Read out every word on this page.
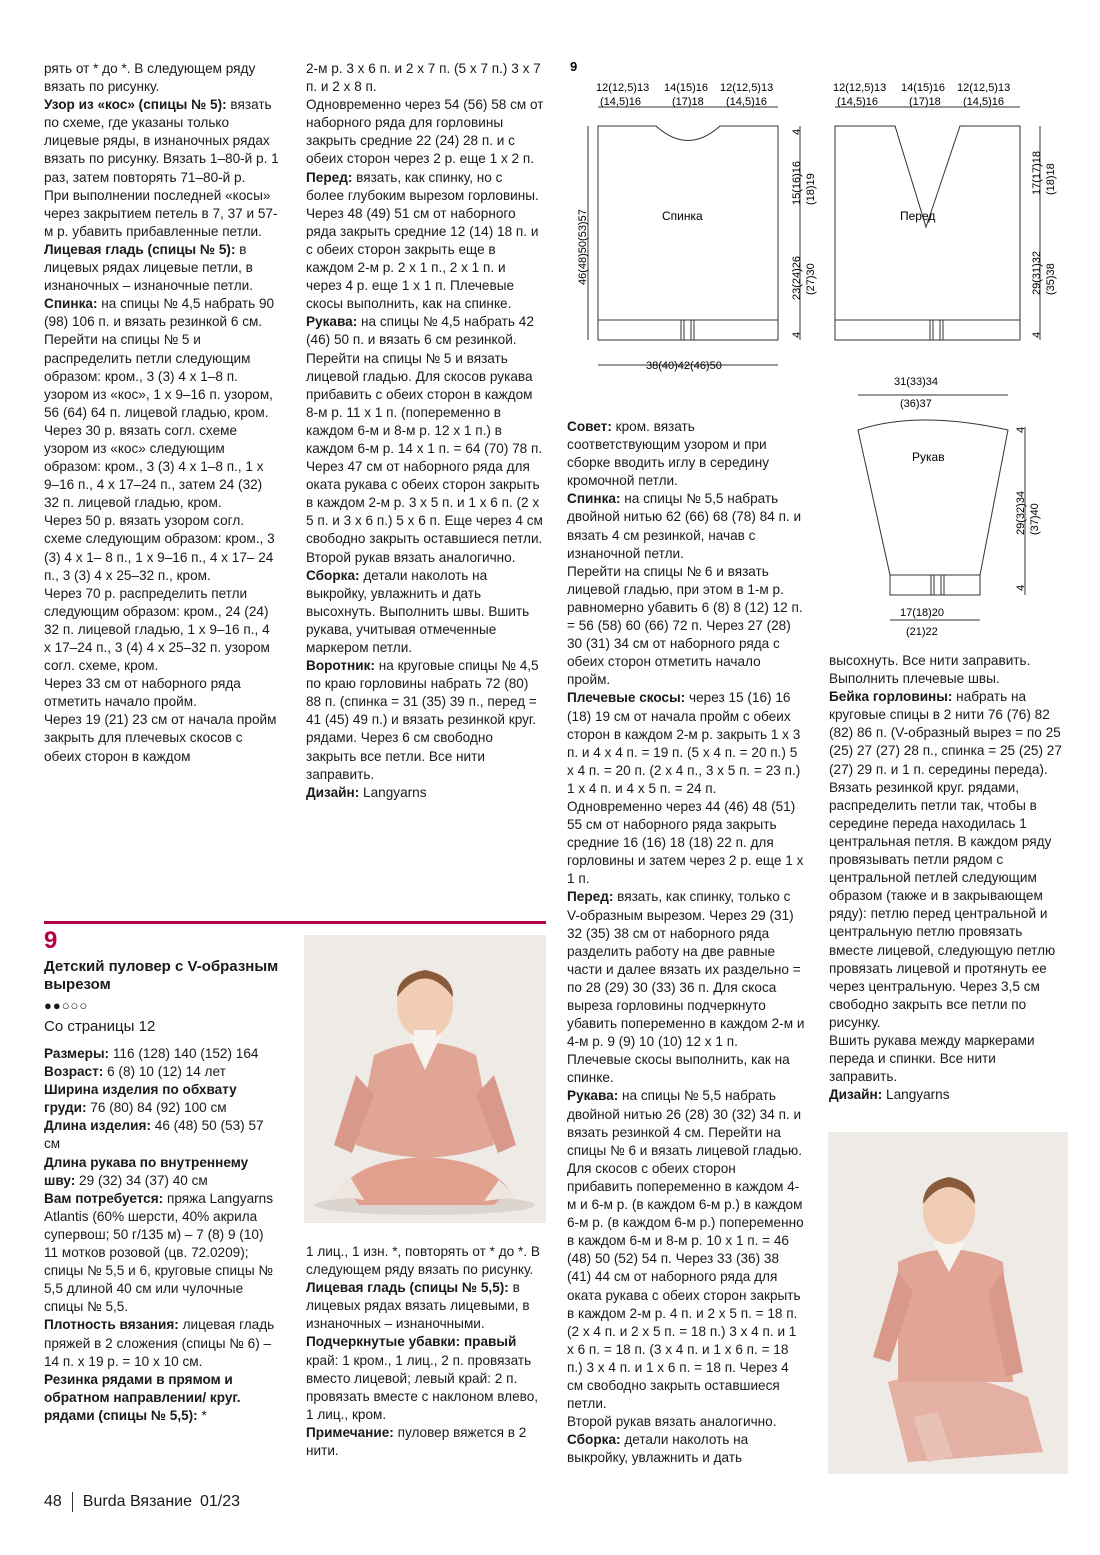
рять от * до *. В следующем ряду вязать по рисунку.

Узор из «кос» (спицы № 5): вязать по схеме, где указаны только лицевые ряды, в изнаночных рядах вязать по рисунку. Вязать 1–80-й р. 1 раз, затем повторять 71–80-й р.

При выполнении последней «косы» через закрытием петель в 7, 37 и 57-м р. убавить прибавленные петли.

Лицевая гладь (спицы № 5): в лицевых рядах лицевые петли, в изнаночных – изнаночные петли.

Спинка: на спицы № 4,5 набрать 90 (98) 106 п. и вязать резинкой 6 см.

Перейти на спицы № 5 и распределить петли следующим образом: кром., 3 (3) 4 х 1–8 п. узором из «кос», 1 х 9–16 п. узором, 56 (64) 64 п. лицевой гладью, кром.

Через 30 р. вязать согл. схеме узором из «кос» следующим образом: кром., 3 (3) 4 х 1–8 п., 1 х 9–16 п., 4 х 17–24 п., затем 24 (32) 32 п. лицевой гладью, кром.

Через 50 р. вязать узором согл. схеме следующим образом: кром., 3 (3) 4 х 1– 8 п., 1 х 9–16 п., 4 х 17– 24 п., 3 (3) 4 х 25–32 п., кром.

Через 70 р. распределить петли следующим образом: кром., 24 (24) 32 п. лицевой гладью, 1 х 9–16 п., 4 х 17–24 п., 3 (4) 4 х 25–32 п. узором согл. схеме, кром.

Через 33 см от наборного ряда отметить начало пройм.

Через 19 (21) 23 см от начала пройм закрыть для плечевых скосов с обеих сторон в каждом

2-м р. 3 х 6 п. и 2 х 7 п. (5 х 7 п.) 3 х 7 п. и 2 х 8 п.

Одновременно через 54 (56) 58 см от наборного ряда для горловины закрыть средние 22 (24) 28 п. и с обеих сторон через 2 р. еще 1 х 2 п.

Перед: вязать, как спинку, но с более глубоким вырезом горловины. Через 48 (49) 51 см от наборного ряда закрыть средние 12 (14) 18 п. и с обеих сторон закрыть еще в каждом 2-м р. 2 х 1 п., 2 х 1 п. и через 4 р. еще 1 х 1 п. Плечевые скосы выполнить, как на спинке.

Рукава: на спицы № 4,5 набрать 42 (46) 50 п. и вязать 6 см резинкой.

Перейти на спицы № 5 и вязать лицевой гладью. Для скосов рукава прибавить с обеих сторон в каждом 8-м р. 11 х 1 п. (попеременно в каждом 6-м и 8-м р. 12 х 1 п.) в каждом 6-м р. 14 х 1 п. = 64 (70) 78 п. Через 47 см от наборного ряда для оката рукава с обеих сторон закрыть в каждом 2-м р. 3 х 5 п. и 1 х 6 п. (2 х 5 п. и 3 х 6 п.) 5 х 6 п. Еще через 4 см свободно закрыть оставшиеся петли.

Второй рукав вязать аналогично.

Сборка: детали наколоть на выкройку, увлажнить и дать высохнуть. Выполнить швы. Вшить рукава, учитывая отмеченные маркером петли.

Воротник: на круговые спицы № 4,5 по краю горловины набрать 72 (80) 88 п. (спинка = 31 (35) 39 п., перед = 41 (45) 49 п.) и вязать резинкой круг. рядами. Через 6 см свободно закрыть все петли. Все нити заправить.

Дизайн: Langyarns

9
Спинка	Перед
Рукав
12(12,5)13
(14,5)16
14(15)16
(17)18
12(12,5)13
(14,5)16
12(12,5)13
(14,5)16
14(15)16
(17)18
12(12,5)13
(14,5)16
38(40)42(46)50
31(33)34
(36)37
17(18)20
(21)22
46(48)50(53)57
15(16)16 (18)19
23(24)26 (27)30
17(17)18 (18)18
29(31)32 (35)38
29(32)34 (37)40
4
4	4
4
4

Совет: кром. вязать соответствующим узором и при сборке вводить иглу в середину кромочной петли.

Спинка: на спицы № 5,5 набрать двойной нитью 62 (66) 68 (78) 84 п. и вязать 4 см резинкой, начав с изнаночной петли.

Перейти на спицы № 6 и вязать лицевой гладью, при этом в 1-м р. равномерно убавить 6 (8) 8 (12) 12 п. = 56 (58) 60 (66) 72 п. Через 27 (28) 30 (31) 34 см от наборного ряда с обеих сторон отметить начало пройм.

Плечевые скосы: через 15 (16) 16 (18) 19 см от начала пройм с обеих сторон в каждом 2-м р. закрыть 1 х 3 п. и 4 х 4 п. = 19 п. (5 х 4 п. = 20 п.) 5 х 4 п. = 20 п. (2 х 4 п., 3 х 5 п. = 23 п.) 1 х 4 п. и 4 х 5 п. = 24 п. Одновременно через 44 (46) 48 (51) 55 см от наборного ряда закрыть средние 16 (16) 18 (18) 22 п. для горловины и затем через 2 р. еще 1 х 1 п.

Перед: вязать, как спинку, только с V-образным вырезом. Через 29 (31) 32 (35) 38 см от наборного ряда разделить работу на две равные части и далее вязать их раздельно = по 28 (29) 30 (33) 36 п. Для скоса выреза горловины подчеркнуто убавить попеременно в каждом 2-м и 4-м р. 9 (9) 10 (10) 12 х 1 п. Плечевые скосы выполнить, как на спинке.

Рукава: на спицы № 5,5 набрать двойной нитью 26 (28) 30 (32) 34 п. и вязать резинкой 4 см. Перейти на спицы № 6 и вязать лицевой гладью. Для скосов с обеих сторон прибавить попеременно в каждом 4-м и 6-м р. (в каждом 6-м р.) в каждом 6-м р. (в каждом 6-м р.) попеременно в каждом 6-м и 8-м р. 10 х 1 п. = 46 (48) 50 (52) 54 п. Через 33 (36) 38 (41) 44 см от наборного ряда для оката рукава с обеих сторон закрыть в каждом 2-м р. 4 п. и 2 х 5 п. = 18 п. (2 х 4 п. и 2 х 5 п. = 18 п.) 3 х 4 п. и 1 х 6 п. = 18 п. (3 х 4 п. и 1 х 6 п. = 18 п.) 3 х 4 п. и 1 х 6 п. = 18 п. Через 4 см свободно закрыть оставшиеся петли.

Второй рукав вязать аналогично.

Сборка: детали наколоть на выкройку, увлажнить и дать

высохнуть. Все нити заправить. Выполнить плечевые швы.

Бейка горловины: набрать на круговые спицы в 2 нити 76 (76) 82 (82) 86 п. (V-образный вырез = по 25 (25) 27 (27) 28 п., спинка = 25 (25) 27 (27) 29 п. и 1 п. середины переда). Вязать резинкой круг. рядами, распределить петли так, чтобы в середине переда находилась 1 центральная петля. В каждом ряду провязывать петли рядом с центральной петлей следующим образом (также и в закрывающем ряду): петлю перед центральной и центральную петлю провязать вместе лицевой, следующую петлю провязать лицевой и протянуть ее через центральную. Через 3,5 см свободно закрыть все петли по рисунку.

Вшить рукава между маркерами переда и спинки. Все нити заправить.

Дизайн: Langyarns

9
Детский пуловер с V-образным вырезом
●●○○○
Со страницы 12

Размеры: 116 (128) 140 (152) 164

Возраст: 6 (8) 10 (12) 14 лет

Ширина изделия по обхвату груди: 76 (80) 84 (92) 100 см

Длина изделия: 46 (48) 50 (53) 57 см

Длина рукава по внутреннему шву: 29 (32) 34 (37) 40 см

Вам потребуется: пряжа Langyarns Atlantis (60% шерсти, 40% акрила супервош; 50 г/135 м) – 7 (8) 9 (10) 11 мотков розовой (цв. 72.0209); спицы № 5,5 и 6, круговые спицы № 5,5 длиной 40 см или чулочные спицы № 5,5.

Плотность вязания: лицевая гладь пряжей в 2 сложения (спицы № 6) – 14 п. х 19 р. = 10 х 10 см.

Резинка рядами в прямом и обратном направлении/ круг. рядами (спицы № 5,5): *

1 лиц., 1 изн. *, повторять от * до *. В следующем ряду вязать по рисунку.

Лицевая гладь (спицы № 5,5): в лицевых рядах вязать лицевыми, в изнаночных – изнаночными.

Подчеркнутые убавки: правый край: 1 кром., 1 лиц., 2 п. провязать вместо лицевой; левый край: 2 п. провязать вместе с наклоном влево, 1 лиц., кром.

Примечание: пуловер вяжется в 2 нити.

48 Burda Вязание 01/23
